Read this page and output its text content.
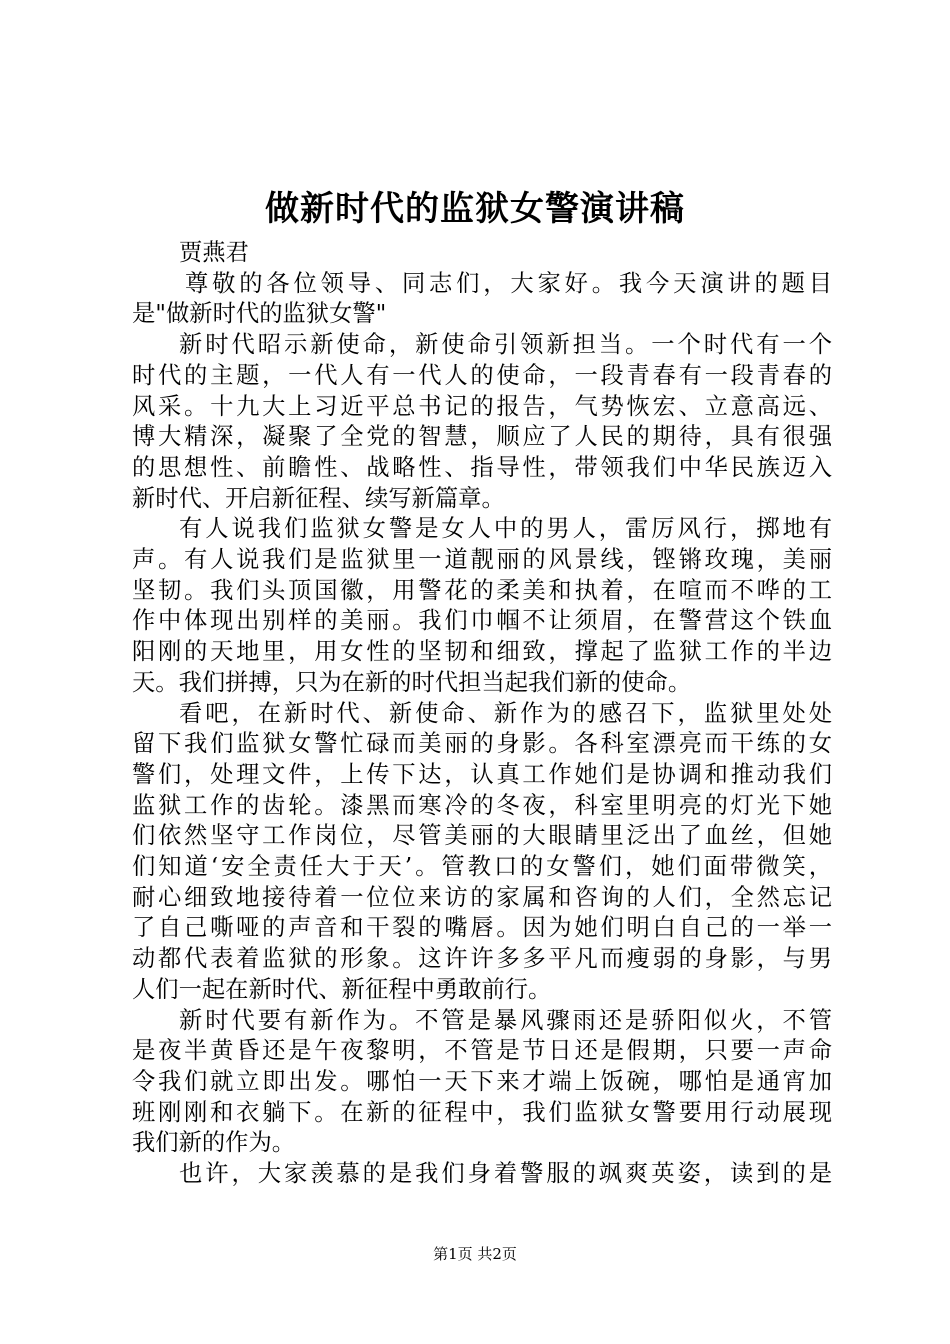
做新时代的监狱女警演讲稿
贾燕君
尊敬的各位领导、同志们，大家好。我今天演讲的题目
是"做新时代的监狱女警"
新时代昭示新使命，新使命引领新担当。一个时代有一个
时代的主题，一代人有一代人的使命，一段青春有一段青春的
风采。十九大上习近平总书记的报告，气势恢宏、立意高远、
博大精深，凝聚了全党的智慧，顺应了人民的期待，具有很强
的思想性、前瞻性、战略性、指导性，带领我们中华民族迈入
新时代、开启新征程、续写新篇章。
有人说我们监狱女警是女人中的男人，雷厉风行，掷地有
声。有人说我们是监狱里一道靓丽的风景线，铿锵玫瑰，美丽
坚韧。我们头顶国徽，用警花的柔美和执着，在喧而不哗的工
作中体现出别样的美丽。我们巾帼不让须眉，在警营这个铁血
阳刚的天地里，用女性的坚韧和细致，撑起了监狱工作的半边
天。我们拼搏，只为在新的时代担当起我们新的使命。
看吧，在新时代、新使命、新作为的感召下，监狱里处处
留下我们监狱女警忙碌而美丽的身影。各科室漂亮而干练的女
警们，处理文件，上传下达，认真工作她们是协调和推动我们
监狱工作的齿轮。漆黑而寒冷的冬夜，科室里明亮的灯光下她
们依然坚守工作岗位，尽管美丽的大眼睛里泛出了血丝，但她
们知道‘安全责任大于天’。管教口的女警们，她们面带微笑，
耐心细致地接待着一位位来访的家属和咨询的人们，全然忘记
了自己嘶哑的声音和干裂的嘴唇。因为她们明白自己的一举一
动都代表着监狱的形象。这许许多多平凡而瘦弱的身影，与男
人们一起在新时代、新征程中勇敢前行。
新时代要有新作为。不管是暴风骤雨还是骄阳似火，不管
是夜半黄昏还是午夜黎明，不管是节日还是假期，只要一声命
令我们就立即出发。哪怕一天下来才端上饭碗，哪怕是通宵加
班刚刚和衣躺下。在新的征程中，我们监狱女警要用行动展现
我们新的作为。
也许，大家羡慕的是我们身着警服的飒爽英姿，读到的是
第1页 共2页
